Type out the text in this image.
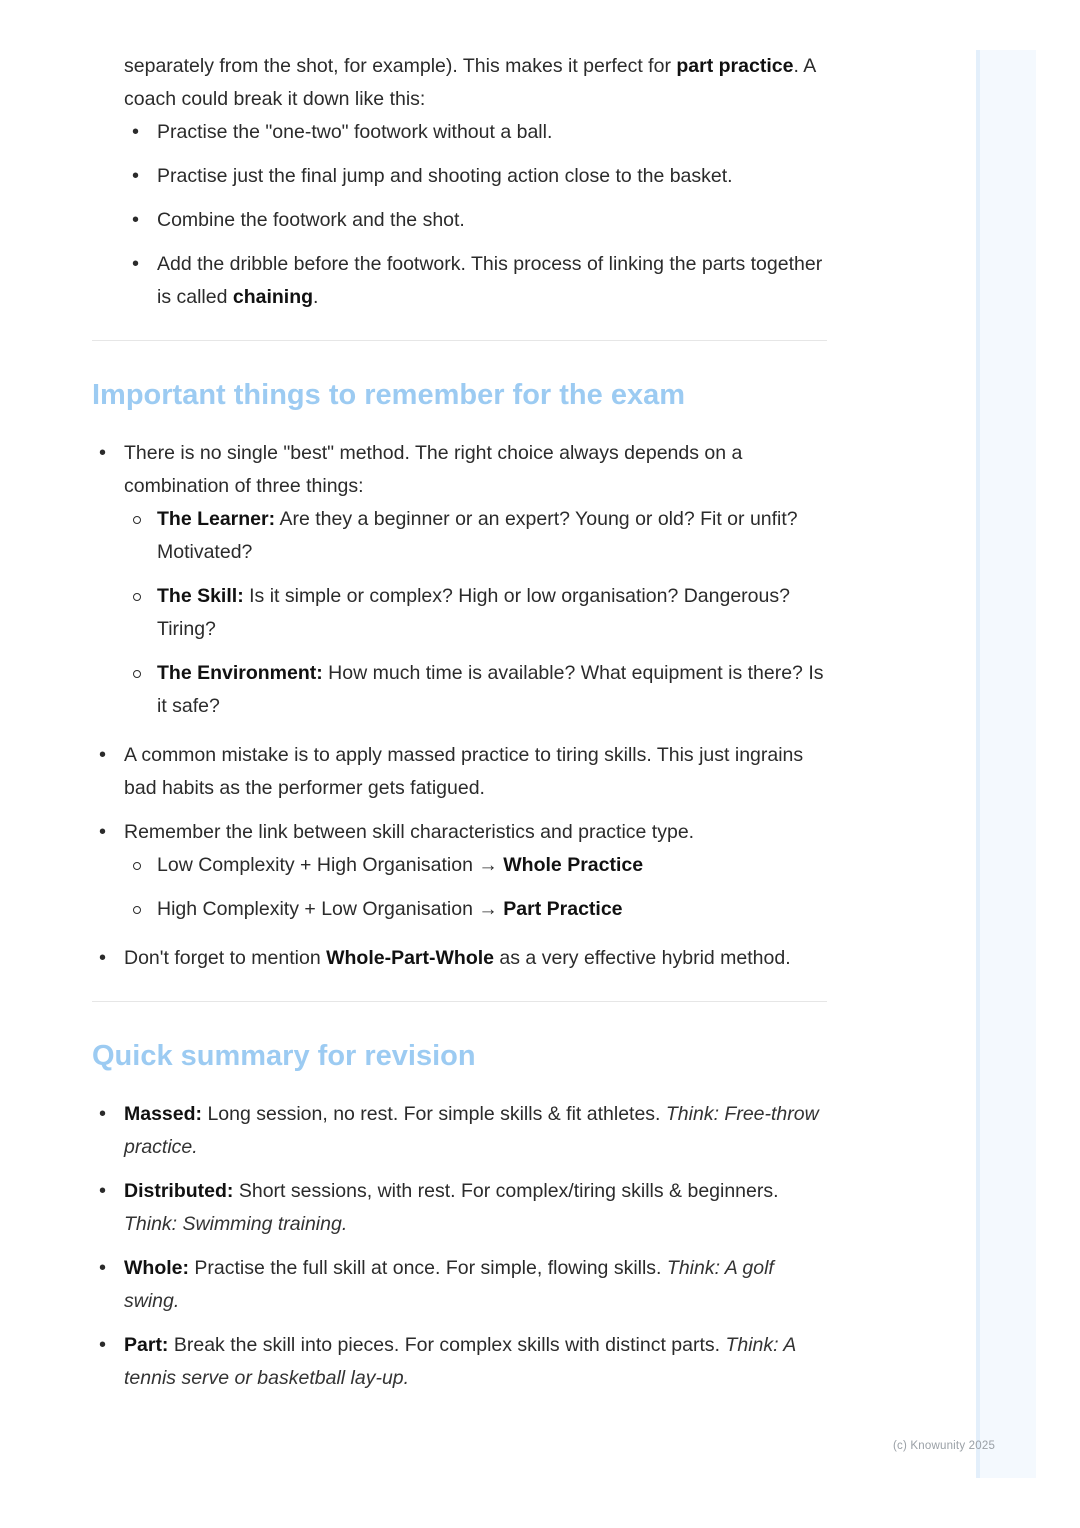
separately from the shot, for example). This makes it perfect for part practice. A coach could break it down like this:

• Practise the "one-two" footwork without a ball.
• Practise just the final jump and shooting action close to the basket.
• Combine the footwork and the shot.
• Add the dribble before the footwork. This process of linking the parts together is called chaining.
Important things to remember for the exam
• There is no single "best" method. The right choice always depends on a combination of three things:
The Learner: Are they a beginner or an expert? Young or old? Fit or unfit? Motivated?
The Skill: Is it simple or complex? High or low organisation? Dangerous? Tiring?
The Environment: How much time is available? What equipment is there? Is it safe?
• A common mistake is to apply massed practice to tiring skills. This just ingrains bad habits as the performer gets fatigued.
• Remember the link between skill characteristics and practice type.
Low Complexity + High Organisation → Whole Practice
High Complexity + Low Organisation → Part Practice
• Don't forget to mention Whole-Part-Whole as a very effective hybrid method.
Quick summary for revision
• Massed: Long session, no rest. For simple skills & fit athletes. Think: Free-throw practice.
• Distributed: Short sessions, with rest. For complex/tiring skills & beginners. Think: Swimming training.
• Whole: Practise the full skill at once. For simple, flowing skills. Think: A golf swing.
• Part: Break the skill into pieces. For complex skills with distinct parts. Think: A tennis serve or basketball lay-up.
(c) Knowunity 2025
